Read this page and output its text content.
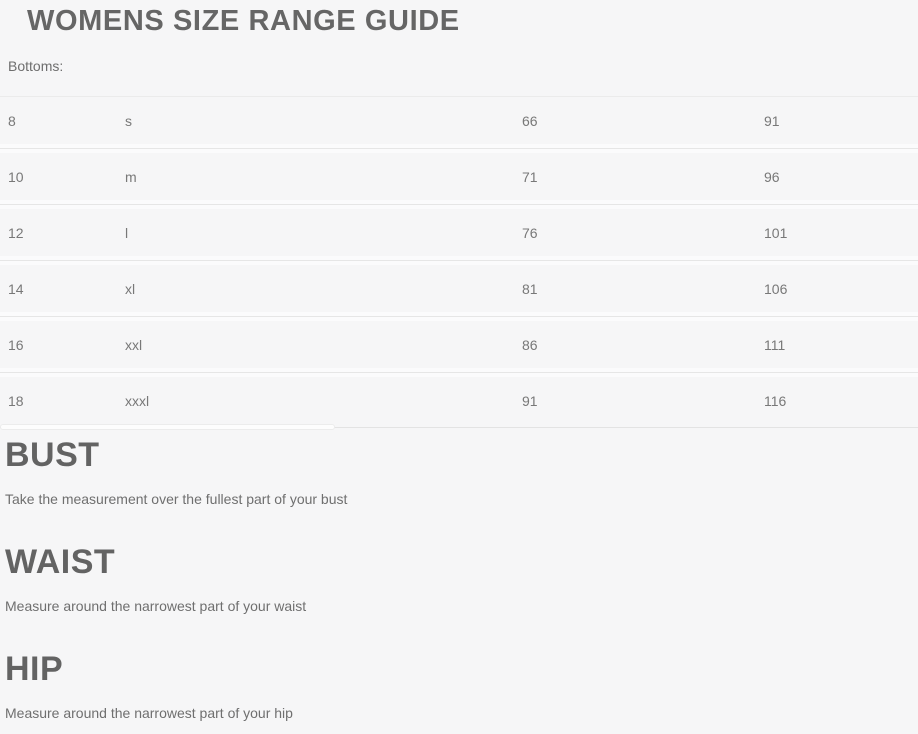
WOMENS SIZE RANGE GUIDE
Bottoms:
8	s	66	91
10	m	71	96
12	l	76	101
14	xl	81	106
16	xxl	86	111
18	xxxl	91	116
BUST

Take the measurement over the fullest part of your bust

WAIST

Measure around the narrowest part of your waist

HIP

Measure around the narrowest part of your hip
